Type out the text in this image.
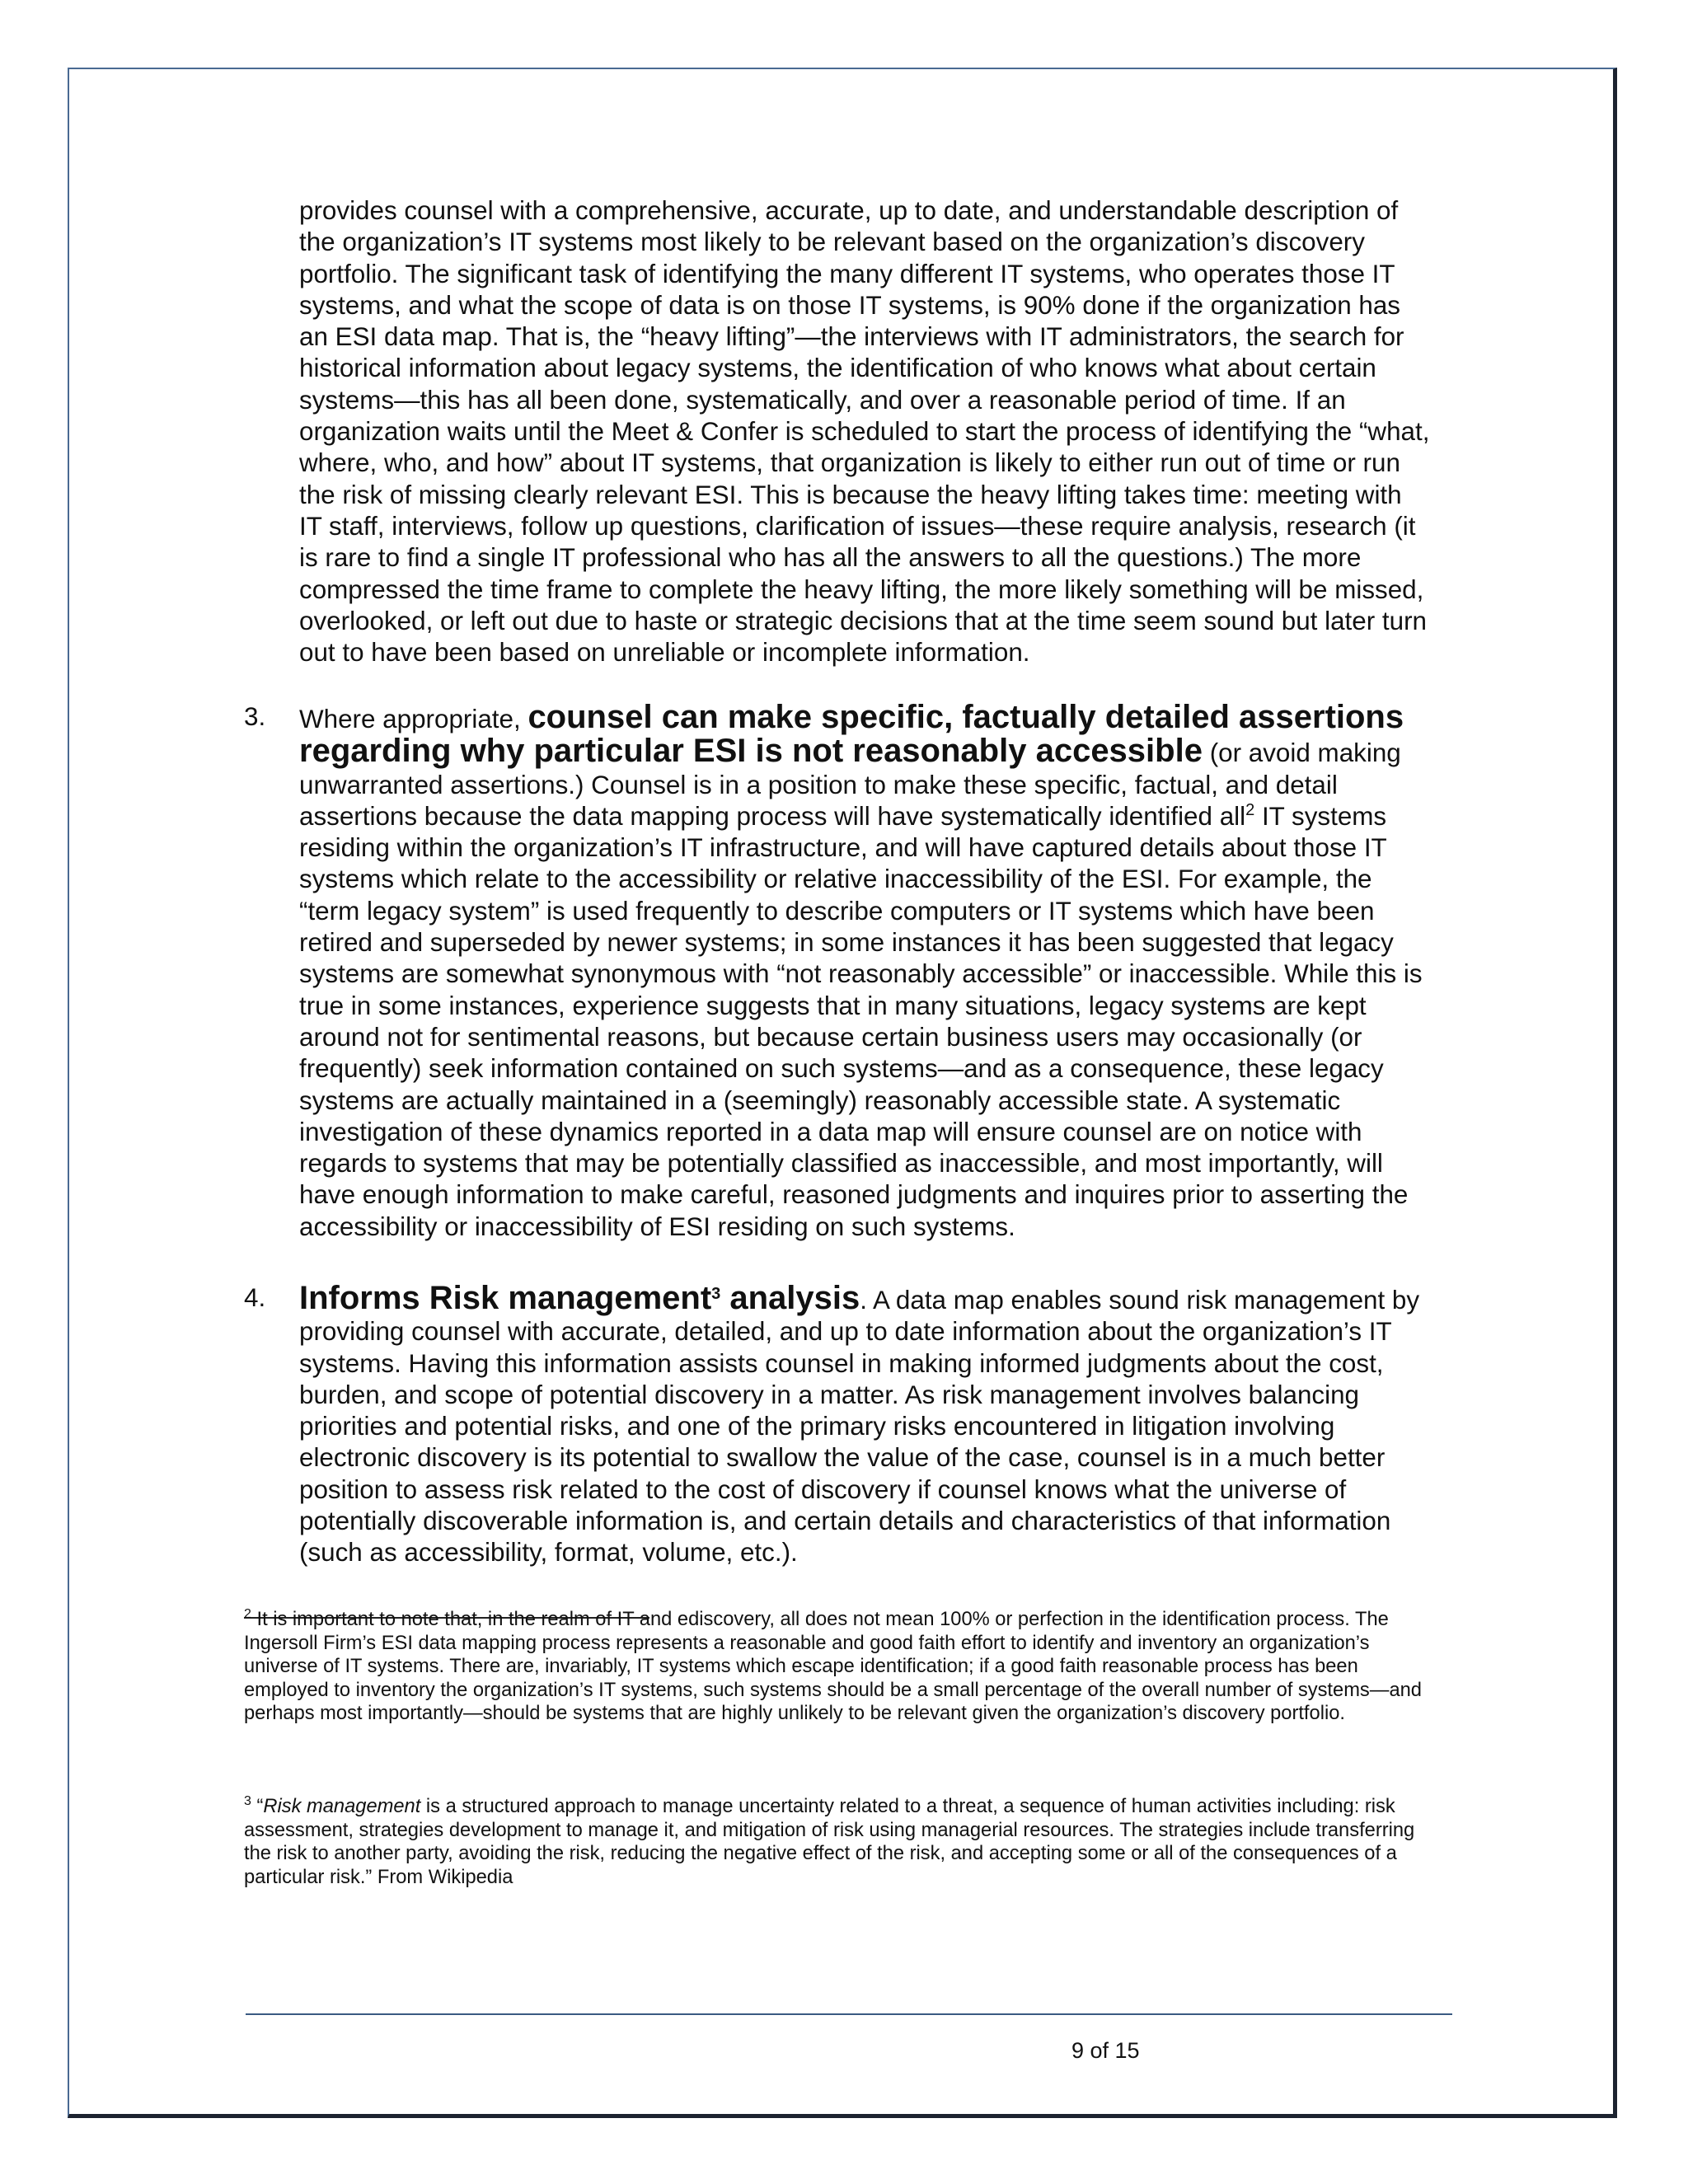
provides counsel with a comprehensive, accurate, up to date, and understandable description of the organization’s IT systems most likely to be relevant based on the organization’s discovery portfolio. The significant task of identifying the many different IT systems, who operates those IT systems, and what the scope of data is on those IT systems, is 90% done if the organization has an ESI data map. That is, the “heavy lifting”—the interviews with IT administrators, the search for historical information about legacy systems, the identification of who knows what about certain systems—this has all been done, systematically, and over a reasonable period of time. If an organization waits until the Meet & Confer is scheduled to start the process of identifying the “what, where, who, and how” about IT systems, that organization is likely to either run out of time or run the risk of missing clearly relevant ESI. This is because the heavy lifting takes time: meeting with IT staff, interviews, follow up questions, clarification of issues—these require analysis, research (it is rare to find a single IT professional who has all the answers to all the questions.) The more compressed the time frame to complete the heavy lifting, the more likely something will be missed, overlooked, or left out due to haste or strategic decisions that at the time seem sound but later turn out to have been based on unreliable or incomplete information.

3.	Where appropriate, counsel can make specific, factually detailed assertions regarding why particular ESI is not reasonably accessible (or avoid making unwarranted assertions.) Counsel is in a position to make these specific, factual, and detail assertions because the data mapping process will have systematically identified all$^2$ IT systems residing within the organization’s IT infrastructure, and will have captured details about those IT systems which relate to the accessibility or relative inaccessibility of the ESI. For example, the “term legacy system” is used frequently to describe computers or IT systems which have been retired and superseded by newer systems; in some instances it has been suggested that legacy systems are somewhat synonymous with “not reasonably accessible” or inaccessible. While this is true in some instances, experience suggests that in many situations, legacy systems are kept around not for sentimental reasons, but because certain business users may occasionally (or frequently) seek information contained on such systems—and as a consequence, these legacy systems are actually maintained in a (seemingly) reasonably accessible state. A systematic investigation of these dynamics reported in a data map will ensure counsel are on notice with regards to systems that may be potentially classified as inaccessible, and most importantly, will have enough information to make careful, reasoned judgments and inquires prior to asserting the accessibility or inaccessibility of ESI residing on such systems.
4.	Informs Risk management$^3$ analysis. A data map enables sound risk management by providing counsel with accurate, detailed, and up to date information about the organization’s IT systems. Having this information assists counsel in making informed judgments about the cost, burden, and scope of potential discovery in a matter. As risk management involves balancing priorities and potential risks, and one of the primary risks encountered in litigation involving electronic discovery is its potential to swallow the value of the case, counsel is in a much better position to assess risk related to the cost of discovery if counsel knows what the universe of potentially discoverable information is, and certain details and characteristics of that information (such as accessibility, format, volume, etc.).

$^2$ It is important to note that, in the realm of IT and ediscovery, all does not mean 100% or perfection in the identification process. The Ingersoll Firm’s ESI data mapping process represents a reasonable and good faith effort to identify and inventory an organization’s universe of IT systems. There are, invariably, IT systems which escape identification; if a good faith reasonable process has been employed to inventory the organization’s IT systems, such systems should be a small percentage of the overall number of systems—and perhaps most importantly—should be systems that are highly unlikely to be relevant given the organization’s discovery portfolio.

$^3$ “Risk management is a structured approach to manage uncertainty related to a threat, a sequence of human activities including: risk assessment, strategies development to manage it, and mitigation of risk using managerial resources. The strategies include transferring the risk to another party, avoiding the risk, reducing the negative effect of the risk, and accepting some or all of the consequences of a particular risk.” From Wikipedia

9 of 15
